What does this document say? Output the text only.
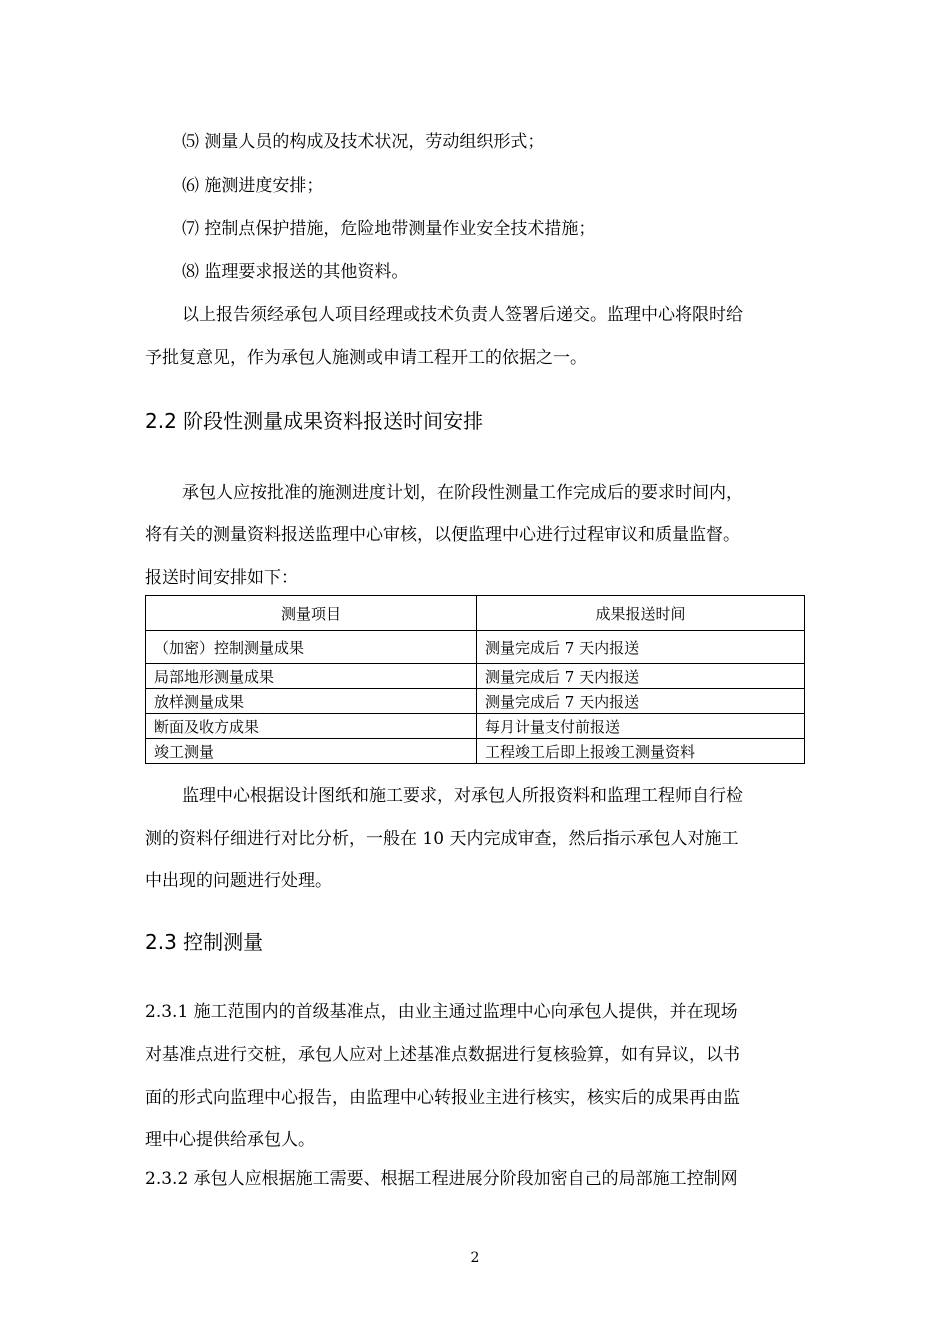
⑸ 测量人员的构成及技术状况，劳动组织形式；
⑹ 施测进度安排；
⑺ 控制点保护措施，危险地带测量作业安全技术措施；
⑻ 监理要求报送的其他资料。
以上报告须经承包人项目经理或技术负责人签署后递交。监理中心将限时给
予批复意见，作为承包人施测或申请工程开工的依据之一。
2.2 阶段性测量成果资料报送时间安排
承包人应按批准的施测进度计划，在阶段性测量工作完成后的要求时间内，
将有关的测量资料报送监理中心审核，以便监理中心进行过程审议和质量监督。
报送时间安排如下：
测量项目	成果报送时间
（加密）控制测量成果	测量完成后 7 天内报送
局部地形测量成果	测量完成后 7 天内报送
放样测量成果	测量完成后 7 天内报送
断面及收方成果	每月计量支付前报送
竣工测量	工程竣工后即上报竣工测量资料
监理中心根据设计图纸和施工要求，对承包人所报资料和监理工程师自行检
测的资料仔细进行对比分析，一般在 10 天内完成审查，然后指示承包人对施工
中出现的问题进行处理。
2.3 控制测量
2.3.1 施工范围内的首级基准点，由业主通过监理中心向承包人提供，并在现场
对基准点进行交桩，承包人应对上述基准点数据进行复核验算，如有异议，以书
面的形式向监理中心报告，由监理中心转报业主进行核实，核实后的成果再由监
理中心提供给承包人。
2.3.2 承包人应根据施工需要、根据工程进展分阶段加密自己的局部施工控制网
2
